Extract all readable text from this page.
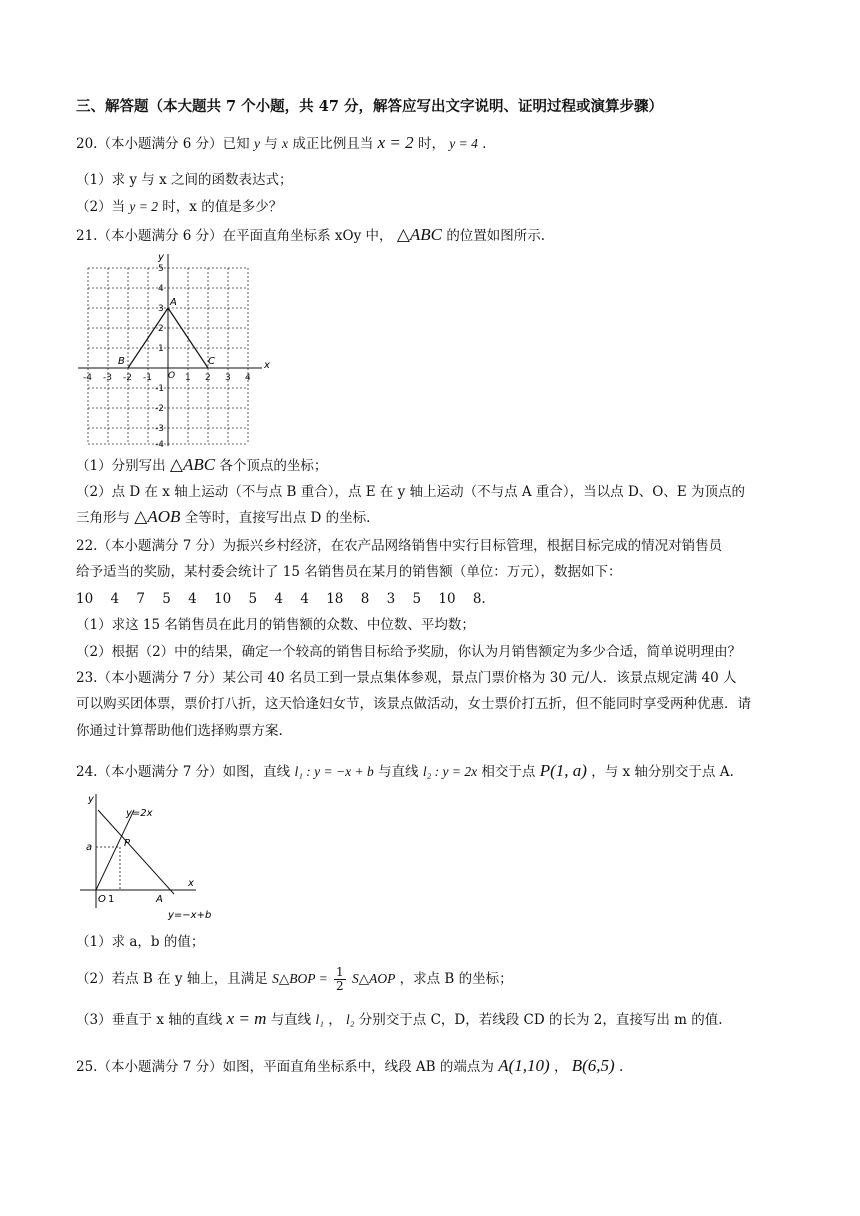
三、解答题（本大题共 7 个小题，共 47 分，解答应写出文字说明、证明过程或演算步骤）
20.（本小题满分 6 分）已知 y 与 x 成正比例且当 x = 2 时， y = 4 .
（1）求 y 与 x 之间的函数表达式；
（2）当 y = 2 时，x 的值是多少？
21.（本小题满分 6 分）在平面直角坐标系 xOy 中， △ABC 的位置如图所示.
x
y
-4 -3 -2 -1 O 1 2 3 4
5
4
3
2
1
-1
-2
-3
-4
A
B	C
（1）分别写出 △ABC 各个顶点的坐标；
（2）点 D 在 x 轴上运动（不与点 B 重合），点 E 在 y 轴上运动（不与点 A 重合），当以点 D、O、E 为顶点的
三角形与 △AOB 全等时，直接写出点 D 的坐标.
22.（本小题满分 7 分）为振兴乡村经济，在农产品网络销售中实行目标管理，根据目标完成的情况对销售员
给予适当的奖励，某村委会统计了 15 名销售员在某月的销售额（单位：万元），数据如下：
10 4 7 5 4 10 5 4 4 18 8 3 5 10 8.
（1）求这 15 名销售员在此月的销售额的众数、中位数、平均数；
（2）根据（2）中的结果，确定一个较高的销售目标给予奖励，你认为月销售额定为多少合适，简单说明理由？
23.（本小题满分 7 分）某公司 40 名员工到一景点集体参观，景点门票价格为 30 元/人．该景点规定满 40 人
可以购买团体票，票价打八折，这天恰逢妇女节，该景点做活动，女士票价打五折，但不能同时享受两种优惠．请
你通过计算帮助他们选择购票方案.
24.（本小题满分 7 分）如图，直线 l₁ : y = −x + b 与直线 l₂ : y = 2x 相交于点 P(1, a) ，与 x 轴分别交于点 A.
y
x
y=2x
a	P
O 1	A
y=−x+b
（1）求 a，b 的值；
（2）若点 B 在 y 轴上，且满足 S△BOP = $\frac{1}{2}$ S△AOP ，求点 B 的坐标；
（3）垂直于 x 轴的直线 x = m 与直线 l₁ ， l₂ 分别交于点 C，D，若线段 CD 的长为 2，直接写出 m 的值.
25.（本小题满分 7 分）如图，平面直角坐标系中，线段 AB 的端点为 A(1,10) ， B(6,5) .
